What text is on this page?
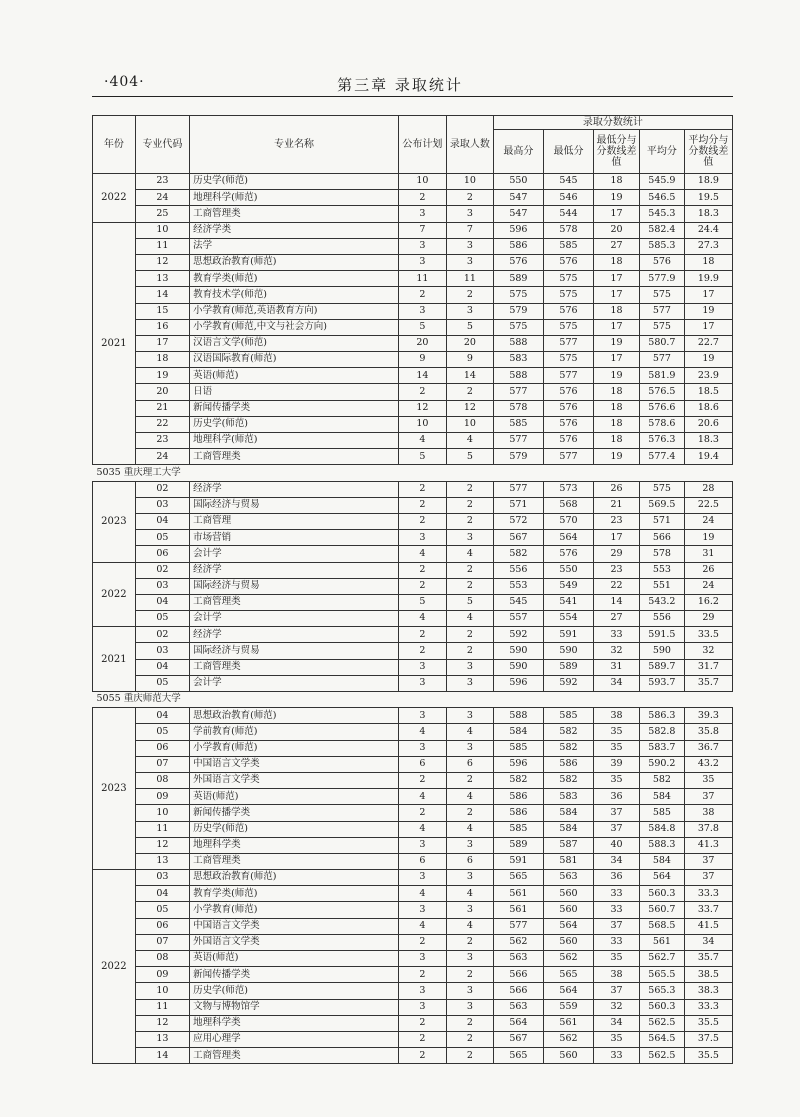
·404·	第三章 录取统计
年份	专业代码	专业名称	公布计划	录取人数	录取分数统计				
					最高分	最低分	最低分与分数线差值	平均分	平均分与分数线差值
2022	23	历史学(师范)	10	10	550	545	18	545.9	18.9
	24	地理科学(师范)	2	2	547	546	19	546.5	19.5
	25	工商管理类	3	3	547	544	17	545.3	18.3
2021	10	经济学类	7	7	596	578	20	582.4	24.4
	11	法学	3	3	586	585	27	585.3	27.3
	12	思想政治教育(师范)	3	3	576	576	18	576	18
	13	教育学类(师范)	11	11	589	575	17	577.9	19.9
	14	教育技术学(师范)	2	2	575	575	17	575	17
	15	小学教育(师范,英语教育方向)	3	3	579	576	18	577	19
	16	小学教育(师范,中文与社会方向)	5	5	575	575	17	575	17
	17	汉语言文学(师范)	20	20	588	577	19	580.7	22.7
	18	汉语国际教育(师范)	9	9	583	575	17	577	19
	19	英语(师范)	14	14	588	577	19	581.9	23.9
	20	日语	2	2	577	576	18	576.5	18.5
	21	新闻传播学类	12	12	578	576	18	576.6	18.6
	22	历史学(师范)	10	10	585	576	18	578.6	20.6
	23	地理科学(师范)	4	4	577	576	18	576.3	18.3
	24	工商管理类	5	5	579	577	19	577.4	19.4
5035 重庆理工大学									
2023	02	经济学	2	2	577	573	26	575	28
	03	国际经济与贸易	2	2	571	568	21	569.5	22.5
	04	工商管理	2	2	572	570	23	571	24
	05	市场营销	3	3	567	564	17	566	19
	06	会计学	4	4	582	576	29	578	31
2022	02	经济学	2	2	556	550	23	553	26
	03	国际经济与贸易	2	2	553	549	22	551	24
	04	工商管理类	5	5	545	541	14	543.2	16.2
	05	会计学	4	4	557	554	27	556	29
2021	02	经济学	2	2	592	591	33	591.5	33.5
	03	国际经济与贸易	2	2	590	590	32	590	32
	04	工商管理类	3	3	590	589	31	589.7	31.7
	05	会计学	3	3	596	592	34	593.7	35.7
5055 重庆师范大学									
2023	04	思想政治教育(师范)	3	3	588	585	38	586.3	39.3
	05	学前教育(师范)	4	4	584	582	35	582.8	35.8
	06	小学教育(师范)	3	3	585	582	35	583.7	36.7
	07	中国语言文学类	6	6	596	586	39	590.2	43.2
	08	外国语言文学类	2	2	582	582	35	582	35
	09	英语(师范)	4	4	586	583	36	584	37
	10	新闻传播学类	2	2	586	584	37	585	38
	11	历史学(师范)	4	4	585	584	37	584.8	37.8
	12	地理科学类	3	3	589	587	40	588.3	41.3
	13	工商管理类	6	6	591	581	34	584	37
2022	03	思想政治教育(师范)	3	3	565	563	36	564	37
	04	教育学类(师范)	4	4	561	560	33	560.3	33.3
	05	小学教育(师范)	3	3	561	560	33	560.7	33.7
	06	中国语言文学类	4	4	577	564	37	568.5	41.5
	07	外国语言文学类	2	2	562	560	33	561	34
	08	英语(师范)	3	3	563	562	35	562.7	35.7
	09	新闻传播学类	2	2	566	565	38	565.5	38.5
	10	历史学(师范)	3	3	566	564	37	565.3	38.3
	11	文物与博物馆学	3	3	563	559	32	560.3	33.3
	12	地理科学类	2	2	564	561	34	562.5	35.5
	13	应用心理学	2	2	567	562	35	564.5	37.5
	14	工商管理类	2	2	565	560	33	562.5	35.5
